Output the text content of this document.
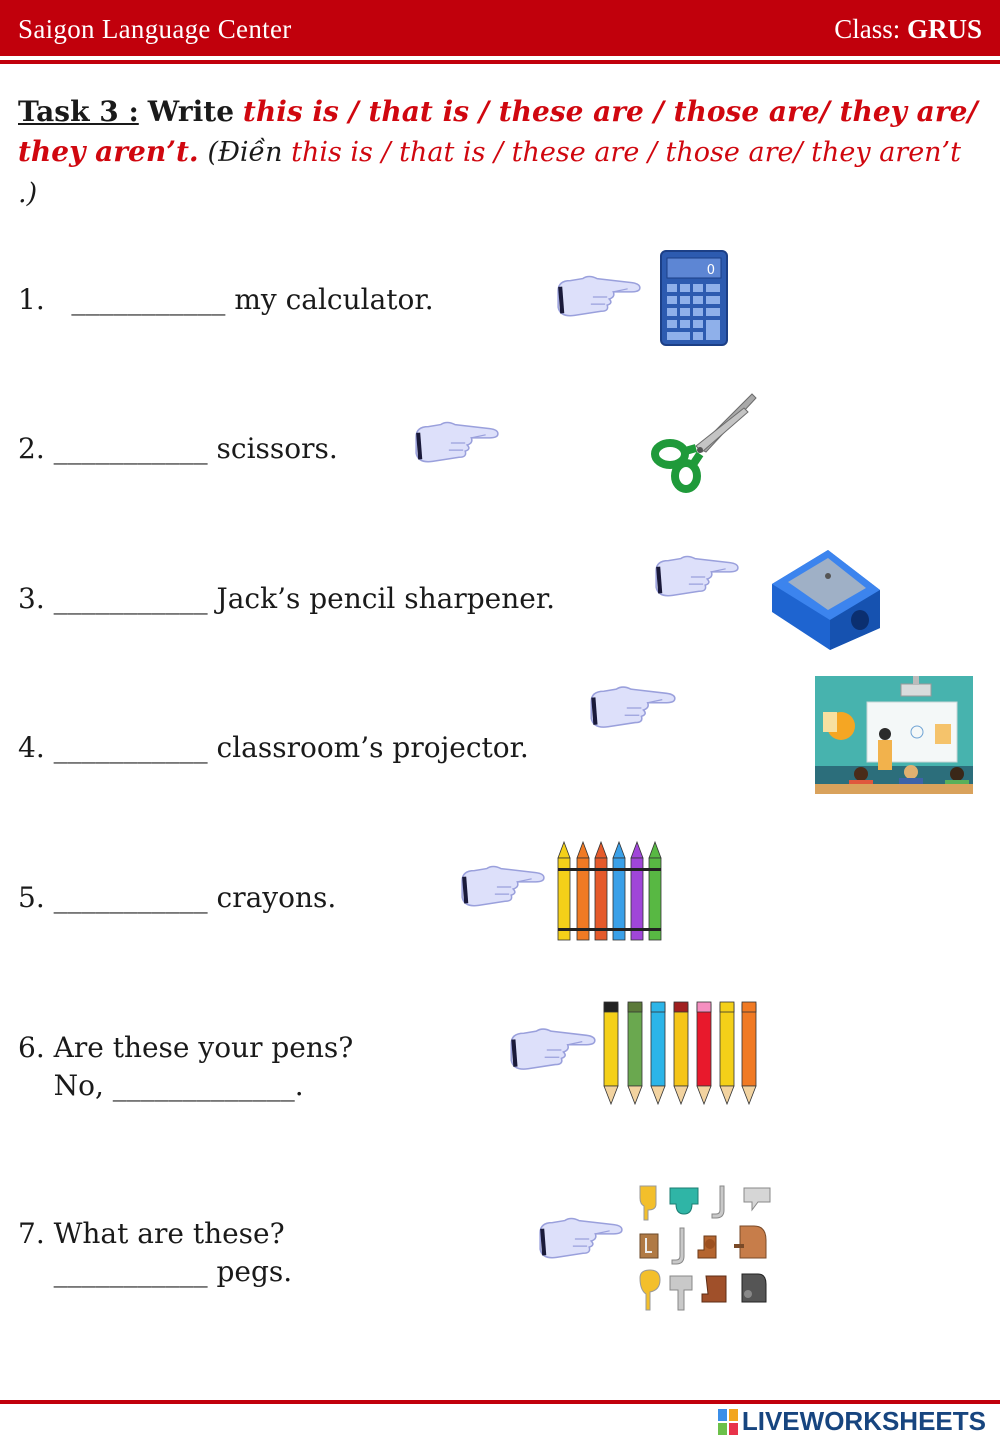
Saigon Language Center	Class: GRUS
Task 3 : Write this is / that is / these are / those are/ they are/ they aren’t. (Điền this is / that is / these are / those are/ they aren’t .)
1.   ___________ my calculator.
0
2. ___________ scissors.
3. ___________ Jack’s pencil sharpener.
4. ___________ classroom’s projector.
5. ___________ crayons.
6. Are these your pens?
No, _____________.
7. What are these?
___________ pegs.
LIVEWORKSHEETS
